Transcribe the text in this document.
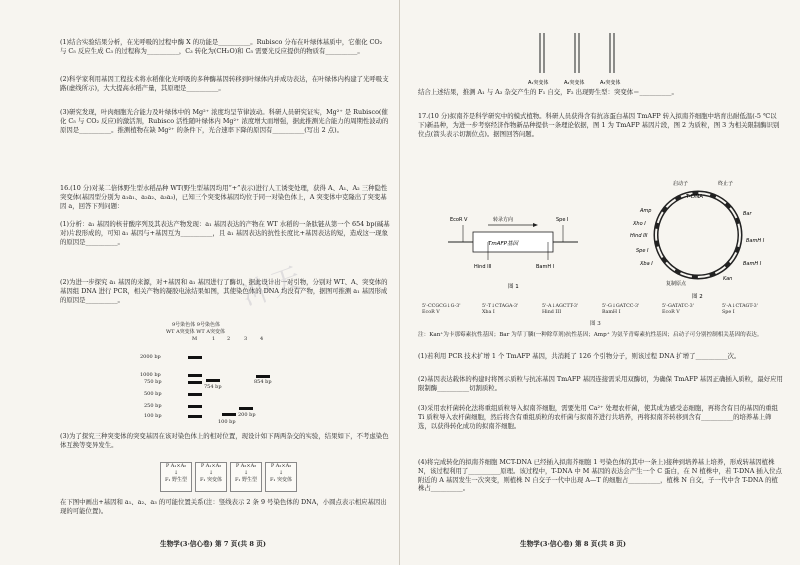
(1)结合实验结果分析，在光呼吸的过程中酶 X 的功能是__________。Rubisco 分布在叶绿体基质中，它催化 CO₂ 与 C₅ 反应生成 C₃ 的过程称为__________，C₃ 转化为(CH₂O)和 C₅ 需要光反应提供的物质有__________。
(2)科学家利用基因工程技术将水稻催化光呼吸的多种酶基因转移到叶绿体内并成功表达，在叶绿体内构建了光呼吸支路(虚线所示)，大大提高水稻产量，其原理是__________。
(3)研究发现，叶肉细胞光合能力及叶绿体中的 Mg²⁺ 浓度均呈节律波动。科研人员研究证实，Mg²⁺ 是 Rubisco(催化 C₅ 与 CO₂ 反应)的激活剂，Rubisco 活性随叶绿体内 Mg²⁺ 浓度增大而增强，据此推测光合能力的周期性波动的原因是__________。推测植物在缺 Mg²⁺ 的条件下，光合速率下降的原因有__________(写出 2 点)。
16.(10 分)对某二倍体野生型水稻品种 WT(野生型基因均用“+”表示)进行人工诱变处理，获得 A、A₁、A₂ 三种隐性突变体(基因型分别为 a₁a₁、a₂a₂、a₃a₃)，已知三个突变体基因均位于同一对染色体上，A 突变体中克隆出了突变基因 a，回答下列问题：
(1)分析：a₁ 基因的核苷酸序列及其表达产物发现：a₁ 基因表达的产物在 WT 水稻的一条肽链从第一个 654 bp(碱基对)片段形成的，可知 a₁ 基因与+基因互为__________，且 a₁ 基因表达的抗性长度比+基因表达的短，造成这一现象的原因是__________。
(2)为进一步探究 a₁ 基因的来源，对+基因和 a₁ 基因进行了酶切，据此设计出一对引物，分别对 WT、A、突变体的基因组 DNA 进行 PCR，相关产物的凝胶电泳结果如图，其使染色体的 DNA 均没有产物，据图可推测 a₁ 基因形成的原因是__________。
9号染色体 9号染色体
WT A突变体 WT A突变体
M	1 2	3	4
2000 bp
1000 bp
750 bp
500 bp
250 bp
100 bp
754 bp
854 bp
100 bp
200 bp
(3)为了探究三种突变体的突变基因在该对染色体上的相对位置，现设计如下两两杂交的实验，结果如下，不考虑染色体互换等变异发生。
P A₁×A₂
↓
F₁ 野生型
P A₁×A₃
↓
F₁ 突变体
P A₂×A₃
↓
F₁ 野生型
P A₂×A₃
↓
F₁ 突变体
在下图中画出+基因和 a₁、a₂、a₃ 的可能位置关系(注：竖线表示 2 条 9 号染色体的 DNA，小圆点表示相应基因出现的可能位置)。
生物学(3·信心卷) 第 7 页(共 8 页)
A₁突变体	A₂突变体	A₃突变体
结合上述结果，推测 A₁ 与 A₃ 杂交产生的 F₁ 自交，F₂ 出现野生型：突变体＝__________。
17.(10 分)拟南芥是科学研究中的模式植物。科研人员获得含有抗冻蛋白基因 TmAFP 转入拟南芥细胞中培育出耐低温(-5 ℃以下)新品种，为进一步考察经济作物新品种提供一条理论依据，图 1 为 TmAFP 基因片段，图 2 为质粒，图 3 为相关限制酶识别位点(箭头表示切割位点)。据图回答问题。
TmAFP基因
转录方向
EcoR V	Spe I
Hind III	BamH I
图 1
T-DNA
启动子	终止子
复制原点
Bar
Amp
Kan
Xho I
Hind III
BamH I
BamH I
Spe I
Xba I
图 2
5'-CCGCG↓G-3'
EcoR V
5'-T↓CTAGA-3'
Xba I
5'-A↓AGCTT-3'
Hind III
5'-G↓GATCC-3'
BamH I
5'-GATATC-3'
EcoR V
5'-A↓CTAGT-3'
Spe I
图 3
注：Kan⁺为卡那霉素抗性基因；Bar 为草丁膦(一种除草剂)抗性基因；Amp⁺ 为氨苄青霉素抗性基因；启动子可分别控制相关基因的表达。
(1)若利用 PCR 技术扩增 1 个 TmAFP 基因，共消耗了 126 个引物分子，则该过程 DNA 扩增了__________次。
(2)基因表达载体的构建时将图示质粒与抗冻基因 TmAFP 基因连接需采用双酶切，为确保 TmAFP 基因正确插入质粒，最好应用限制酶__________切割质粒。
(3)采用农杆菌转化法将重组质粒导入拟南芥细胞，需要先用 Ca²⁺ 处理农杆菌，使其成为感受态细胞，再将含有目的基因的重组 Ti 质粒导入农杆菌细胞，然后将含有重组质粒的农杆菌与拟南芥进行共培养，再将拟南芥转移到含有__________的培养基上筛选，以获得转化成功的拟南芥细胞。
(4)将完成转化的拟南芥细胞 MCT-DNA 已经插入拟南芥细胞 1 号染色体的其中一条上)接种到培养基上培养，形成转基因植株 N，该过程利用了__________原理。该过程中，T-DNA 中 M 基因的表达会产生一个 C 蛋白，在 N 植株中，若 T-DNA 插入位点附近的 A 基因发生一次突变，则植株 N 自交子一代中出现 A—T 的细胞占__________，植株 N 自交，子一代中含 T-DNA 的植株占__________。
生物学(3·信心卷) 第 8 页(共 8 页)
冲天
